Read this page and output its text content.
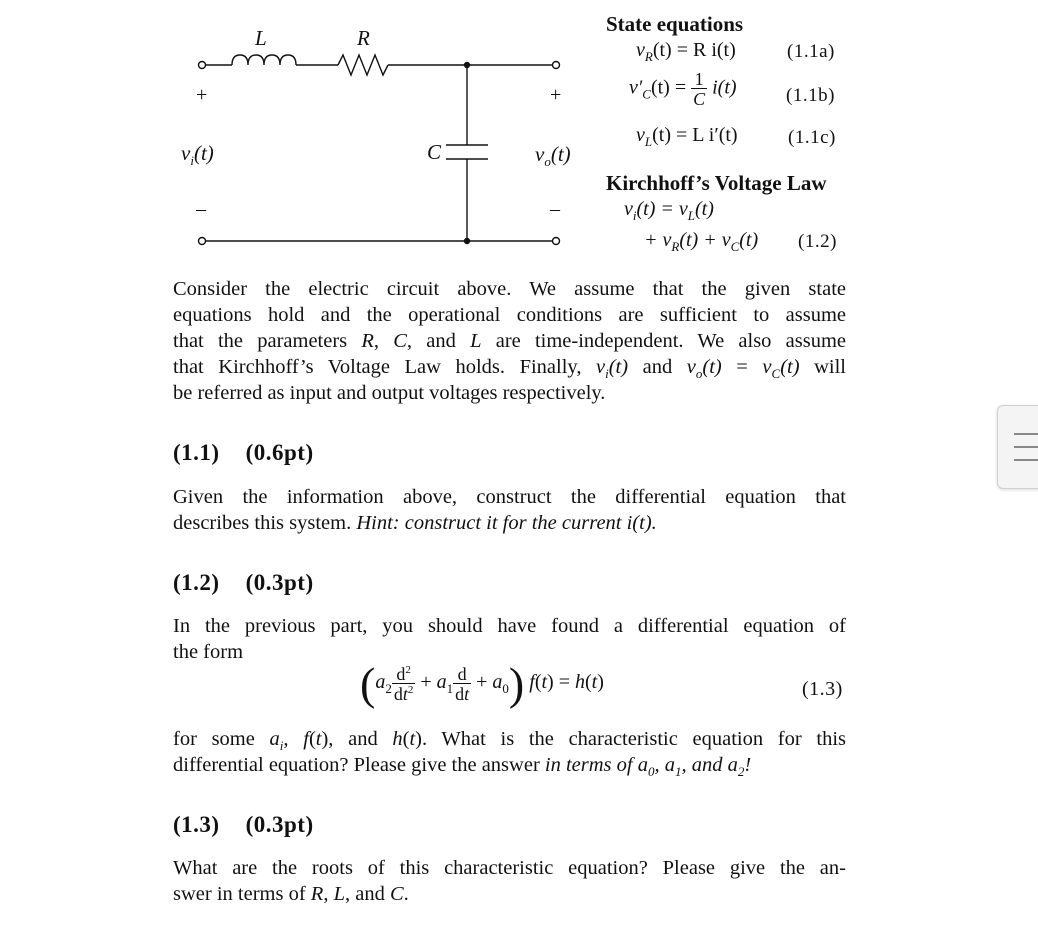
L	R
C
$v_i(t)$	$v_o(t)$
+
–
+
–
State equations
$v_R(t) = R$ i(t)	(1.1a)
$v'_C(t) = \frac{1}{C} i(t)$	(1.1b)
$v_L(t) = L$ i′(t)	(1.1c)
Kirchhoff’s Voltage Law
$v_i(t) = v_L(t)$
+ $v_R(t) + v_C(t)$ (1.2)
Consider the electric circuit above. We assume that the given state
equations hold and the operational conditions are sufficient to assume
that the parameters R, C, and L are time-independent. We also assume
that Kirchhoff’s Voltage Law holds. Finally, $v_i(t)$ and $v_o(t) = v_C(t)$ will
be referred as input and output voltages respectively.
(1.1) (0.6pt)
Given the information above, construct the differential equation that
describes this system. Hint: construct it for the current i(t).
(1.2) (0.3pt)
In the previous part, you should have found a differential equation of
the form
$(a_2 \frac{d^2}{dt^2} + a_1 \frac{d}{dt} + a_0) f(t) = h(t)$	(1.3)
for some $a_i$, f(t), and h(t). What is the characteristic equation for this
differential equation? Please give the answer in terms of $a_0$, $a_1$, and $a_2$!
(1.3) (0.3pt)
What are the roots of this characteristic equation? Please give the an-
swer in terms of R, L, and C.
